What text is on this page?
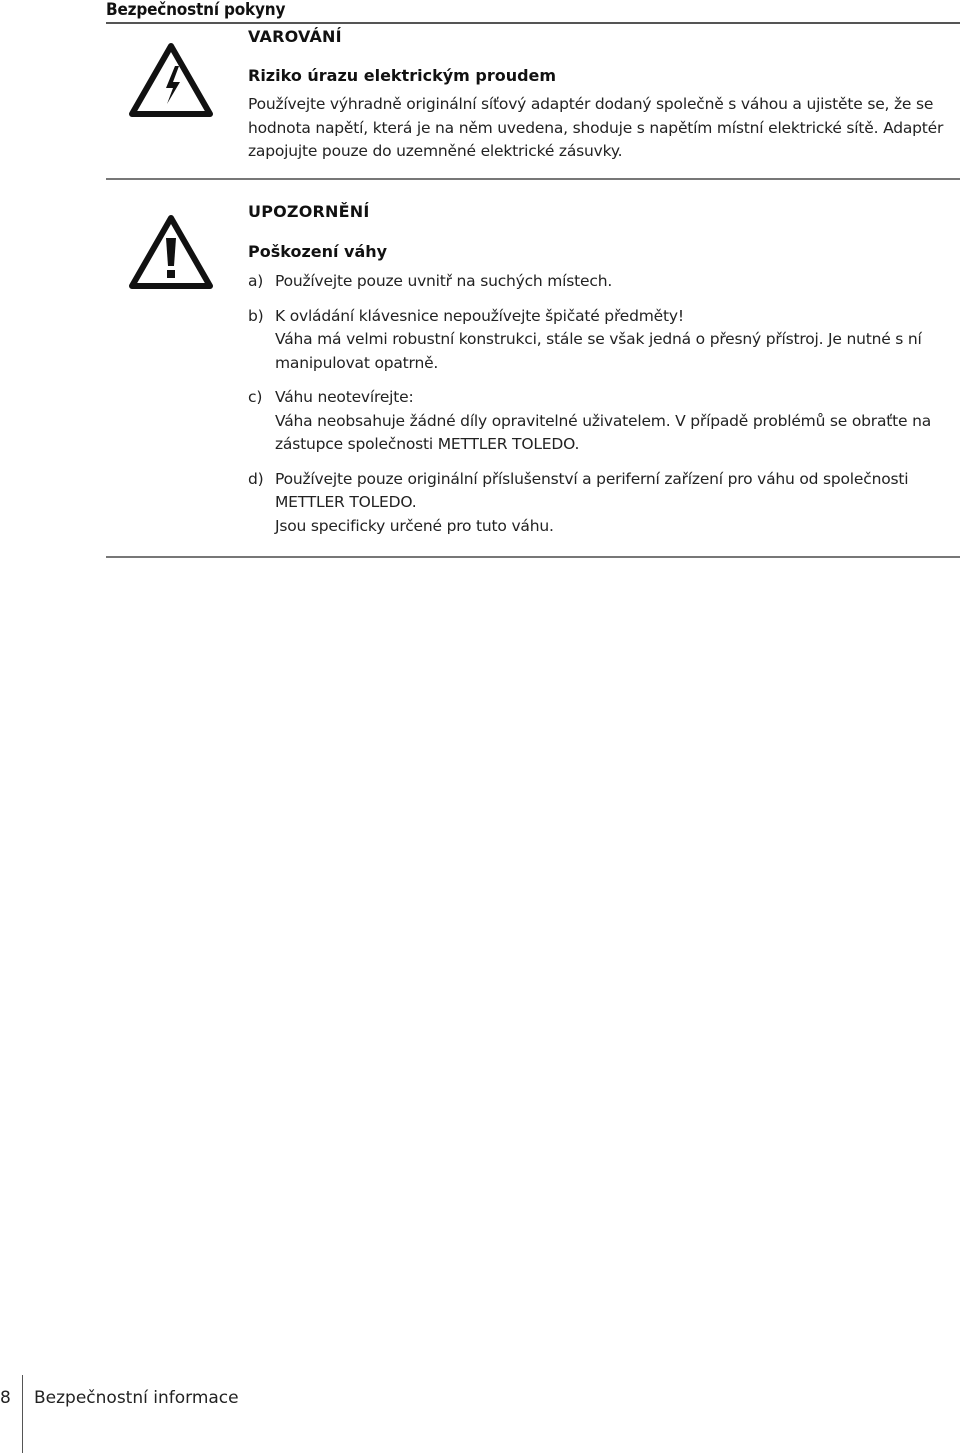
Bezpečnostní pokyny
VAROVÁNÍ
Riziko úrazu elektrickým proudem
Používejte výhradně originální síťový adaptér dodaný společně s váhou a ujistěte se, že se hodnota napětí, která je na něm uvedena, shoduje s napětím místní elektrické sítě. Adaptér zapojujte pouze do uzemněné elektrické zásuvky.
UPOZORNĚNÍ
Poškození váhy
a) Používejte pouze uvnitř na suchých místech.
b) K ovládání klávesnice nepoužívejte špičaté předměty!
Váha má velmi robustní konstrukci, stále se však jedná o přesný přístroj. Je nutné s ní manipulovat opatrně.
c) Váhu neotevírejte:
Váha neobsahuje žádné díly opravitelné uživatelem. V případě problémů se obraťte na zástupce společnosti METTLER TOLEDO.
d) Používejte pouze originální příslušenství a periferní zařízení pro váhu od společnosti METTLER TOLEDO.
Jsou specificky určené pro tuto váhu.
8 Bezpečnostní informace
